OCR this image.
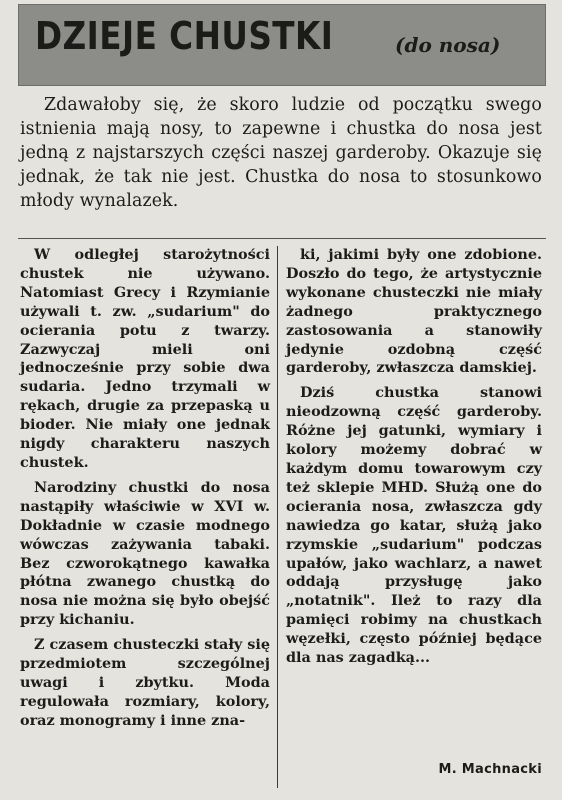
DZIEJE CHUSTKI	(do nosa)
Zdawałoby się, że skoro ludzie od początku swego istnienia mają nosy, to zapewne i chustka do nosa jest jedną z najstarszych części naszej garderoby. Okazuje się jednak, że tak nie jest. Chustka do nosa to stosunkowo młody wynalazek.

W odległej starożytności chustek nie używano. Natomiast Grecy i Rzymianie używali t. zw. „sudarium" do ocierania potu z twarzy. Zazwyczaj mieli oni jednocześnie przy sobie dwa sudaria. Jedno trzymali w rękach, drugie za przepaską u bioder. Nie miały one jednak nigdy charakteru naszych chustek.

Narodziny chustki do nosa nastąpiły właściwie w XVI w. Dokładnie w czasie modnego wówczas zażywania tabaki. Bez czworokątnego kawałka płótna zwanego chustką do nosa nie można się było obejść przy kichaniu.

Z czasem chusteczki stały się przedmiotem szczególnej uwagi i zbytku. Moda regulowała rozmiary, kolory, oraz monogramy i inne zna-

ki, jakimi były one zdobione. Doszło do tego, że artystycznie wykonane chusteczki nie miały żadnego praktycznego zastosowania a stanowiły jedynie ozdobną część garderoby, zwłaszcza damskiej.

Dziś chustka stanowi nieodzowną część garderoby. Różne jej gatunki, wymiary i kolory możemy dobrać w każdym domu towarowym czy też sklepie MHD. Służą one do ocierania nosa, zwłaszcza gdy nawiedza go katar, służą jako rzymskie „sudarium" podczas upałów, jako wachlarz, a nawet oddają przysługę jako „notatnik". Ileż to razy dla pamięci robimy na chustkach węzełki, często później będące dla nas zagadką...

M. Machnacki
